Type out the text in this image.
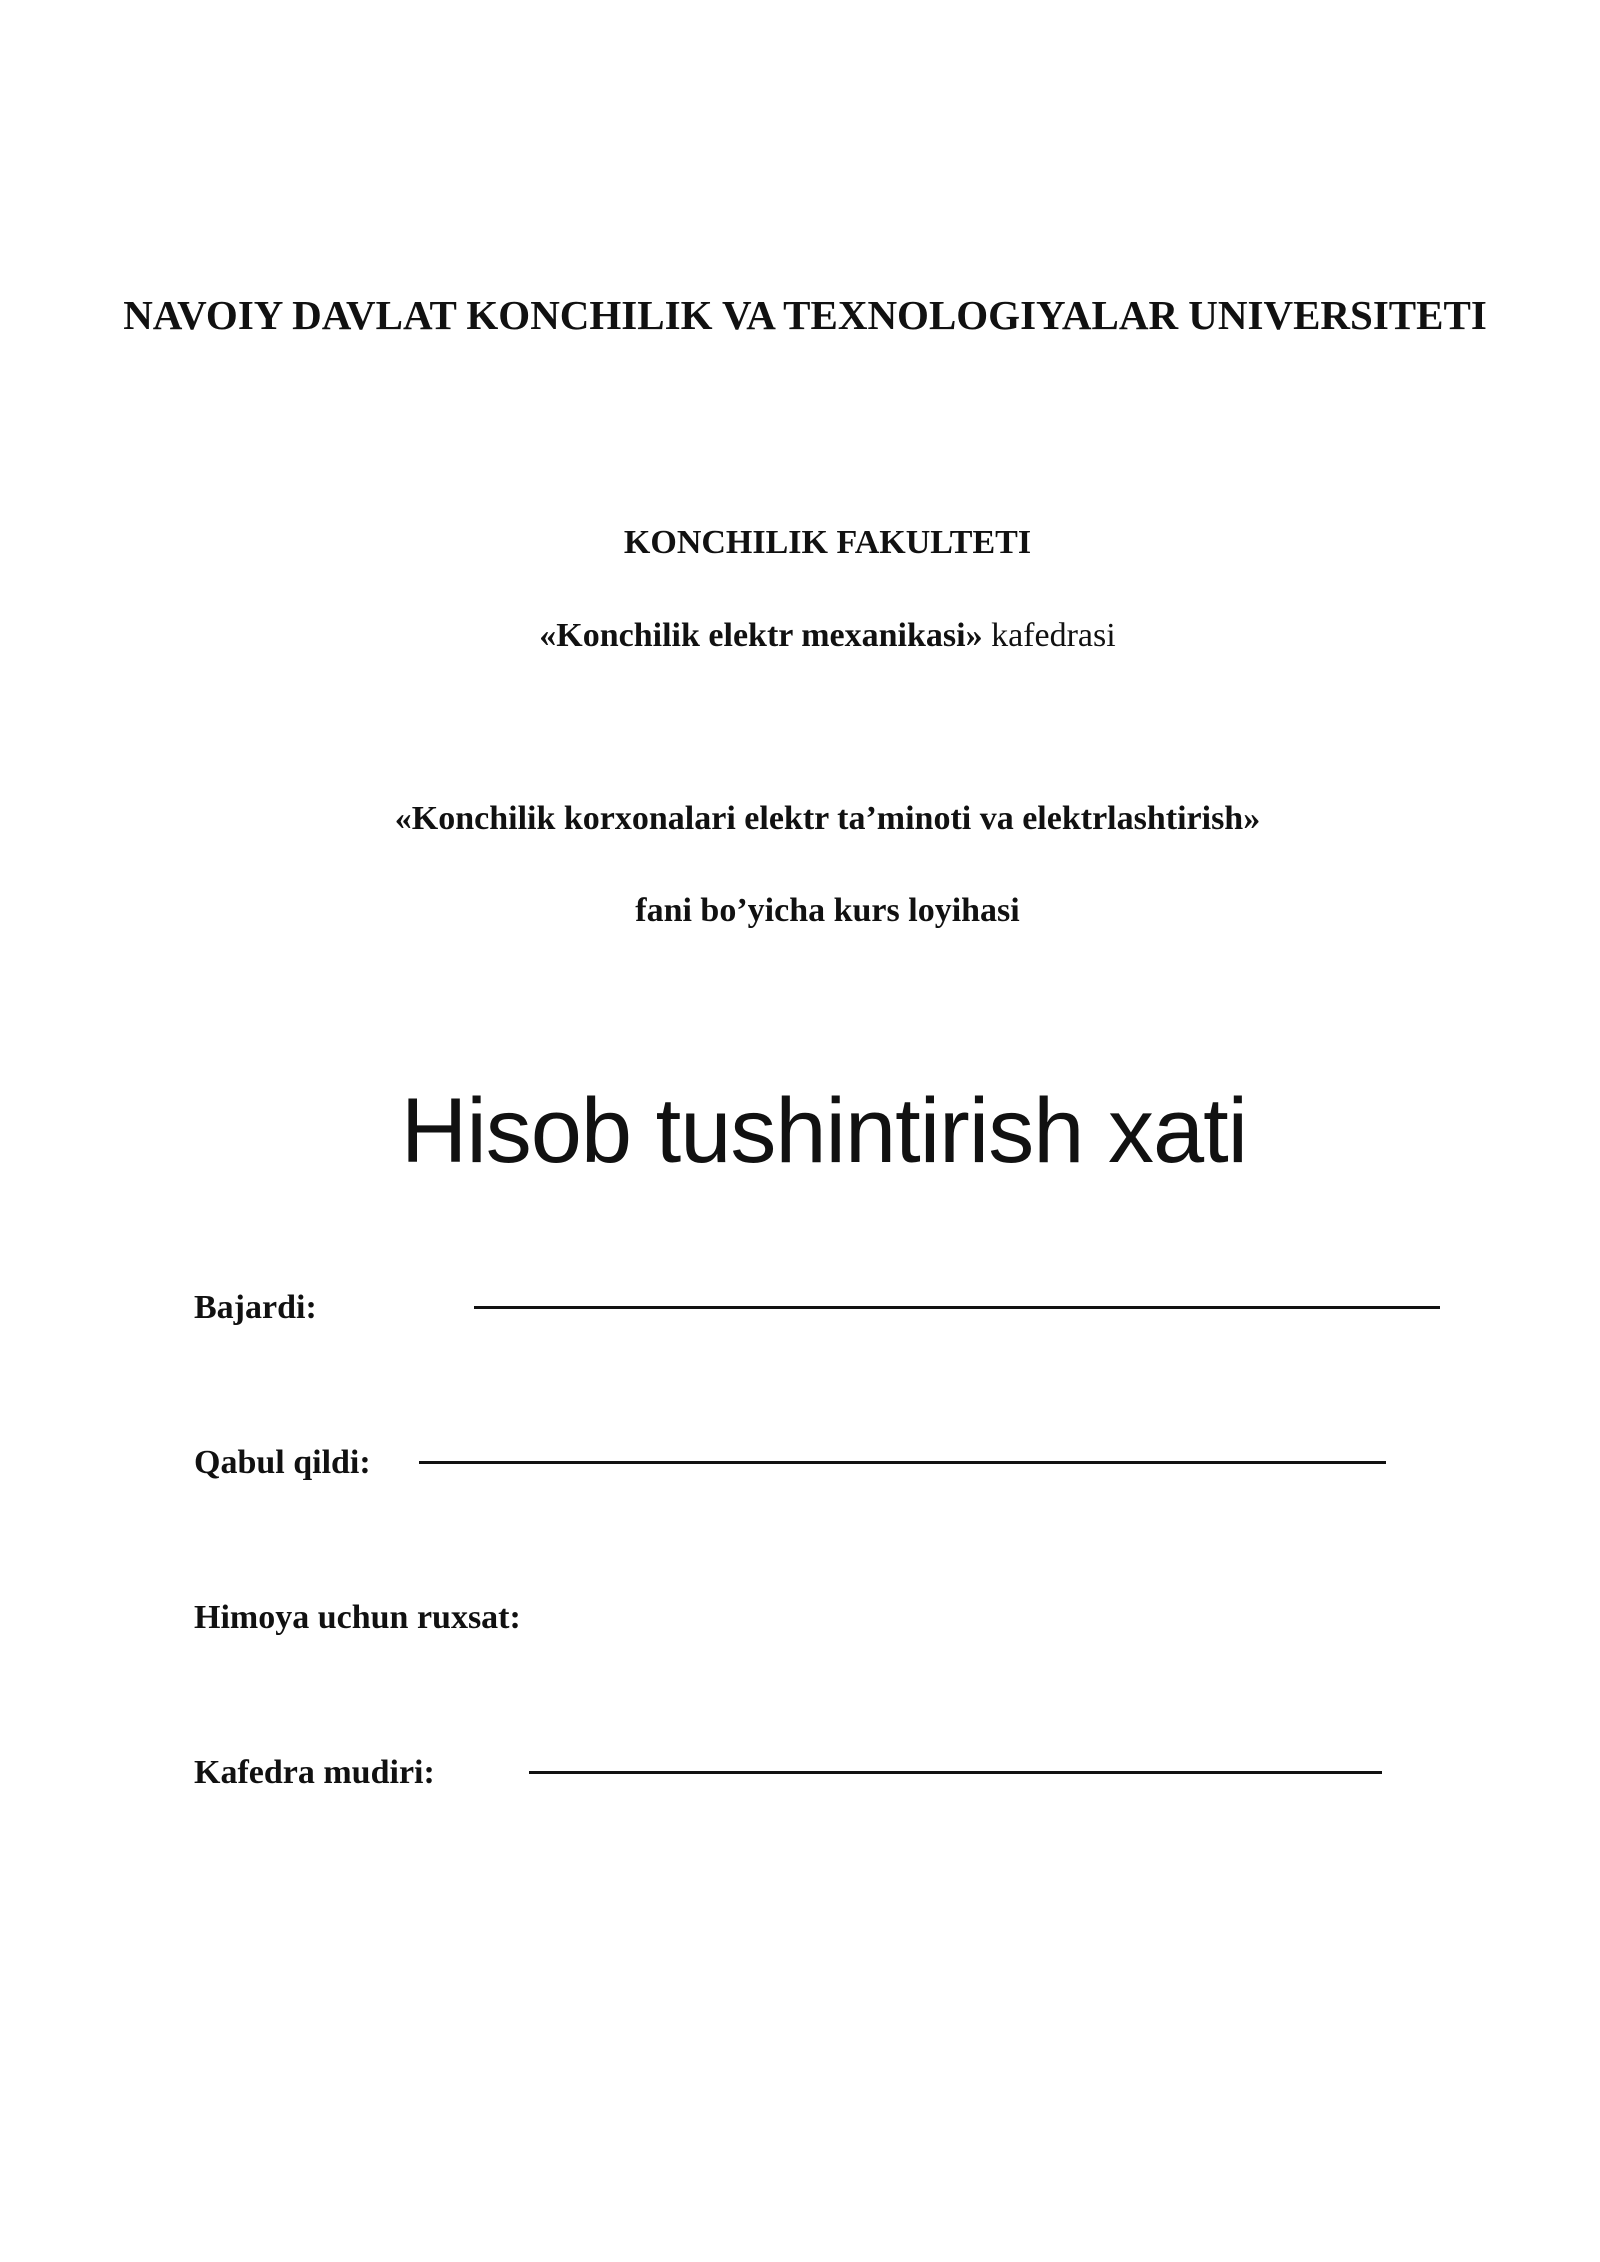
NAVOIY DAVLAT KONCHILIK VA TEXNOLOGIYALAR UNIVERSITETI
KONCHILIK FAKULTETI
«Konchilik elektr mexanikasi» kafedrasi
«Konchilik korxonalari elektr ta’minoti va elektrlashtirish»
fani bo’yicha kurs loyihasi
Hisob tushintirish xati
Bajardi:
Qabul qildi:
Himoya uchun ruxsat:
Kafedra mudiri:
